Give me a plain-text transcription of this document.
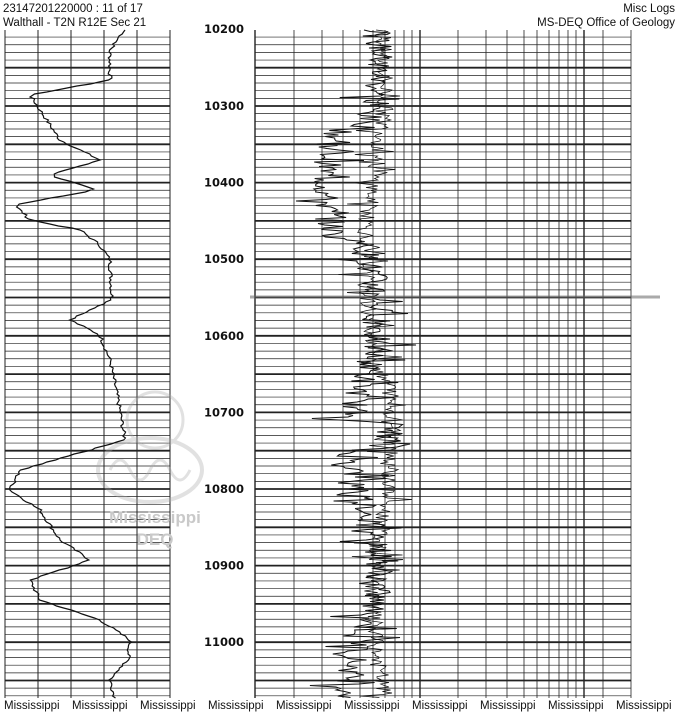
10300
10400
10500
10600
10700
10800
10900
11000
10200
23147201220000 : 11 of 17
Walthall - T2N R12E Sec 21
Misc Logs
MS-DEQ Office of Geology
Mississippi
DEQ
Mississippi	Mississippi	Mississippi	Mississippi	Mississippi	Mississippi	Mississippi	Mississippi	Mississippi	Mississippi
